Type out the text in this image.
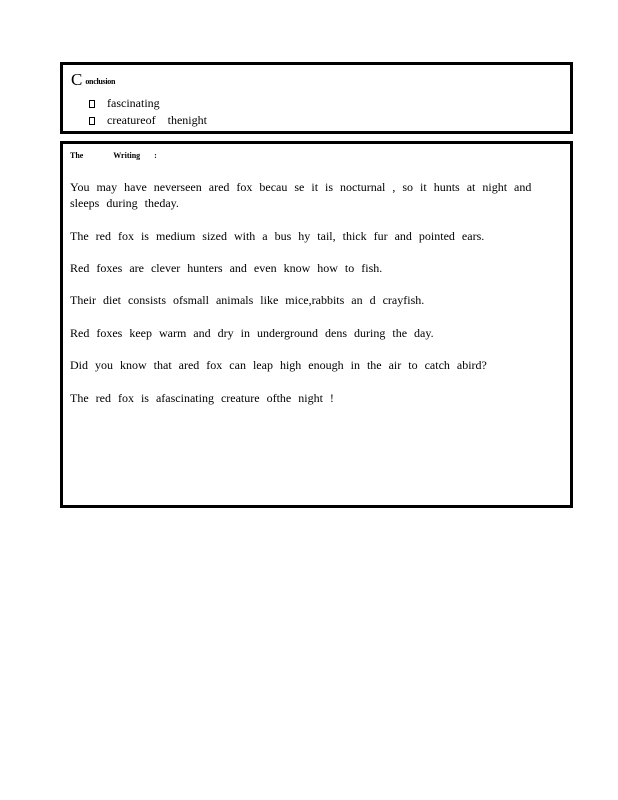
Conclusion
fascinating
creatureof    thenight
The   Writing :

You may have neverseen ared fox becau se it is nocturnal , so it hunts at night and sleeps during theday.

The red fox is medium sized with a bus hy tail, thick fur and pointed ears.

Red foxes are clever hunters and even know how to fish.

Their diet consists ofsmall animals like mice,rabbits an d crayfish.

Red foxes keep warm and dry in underground dens during the day.

Did you know that ared fox can leap high enough in the air to catch abird?

The red fox is afascinating creature ofthe night !
